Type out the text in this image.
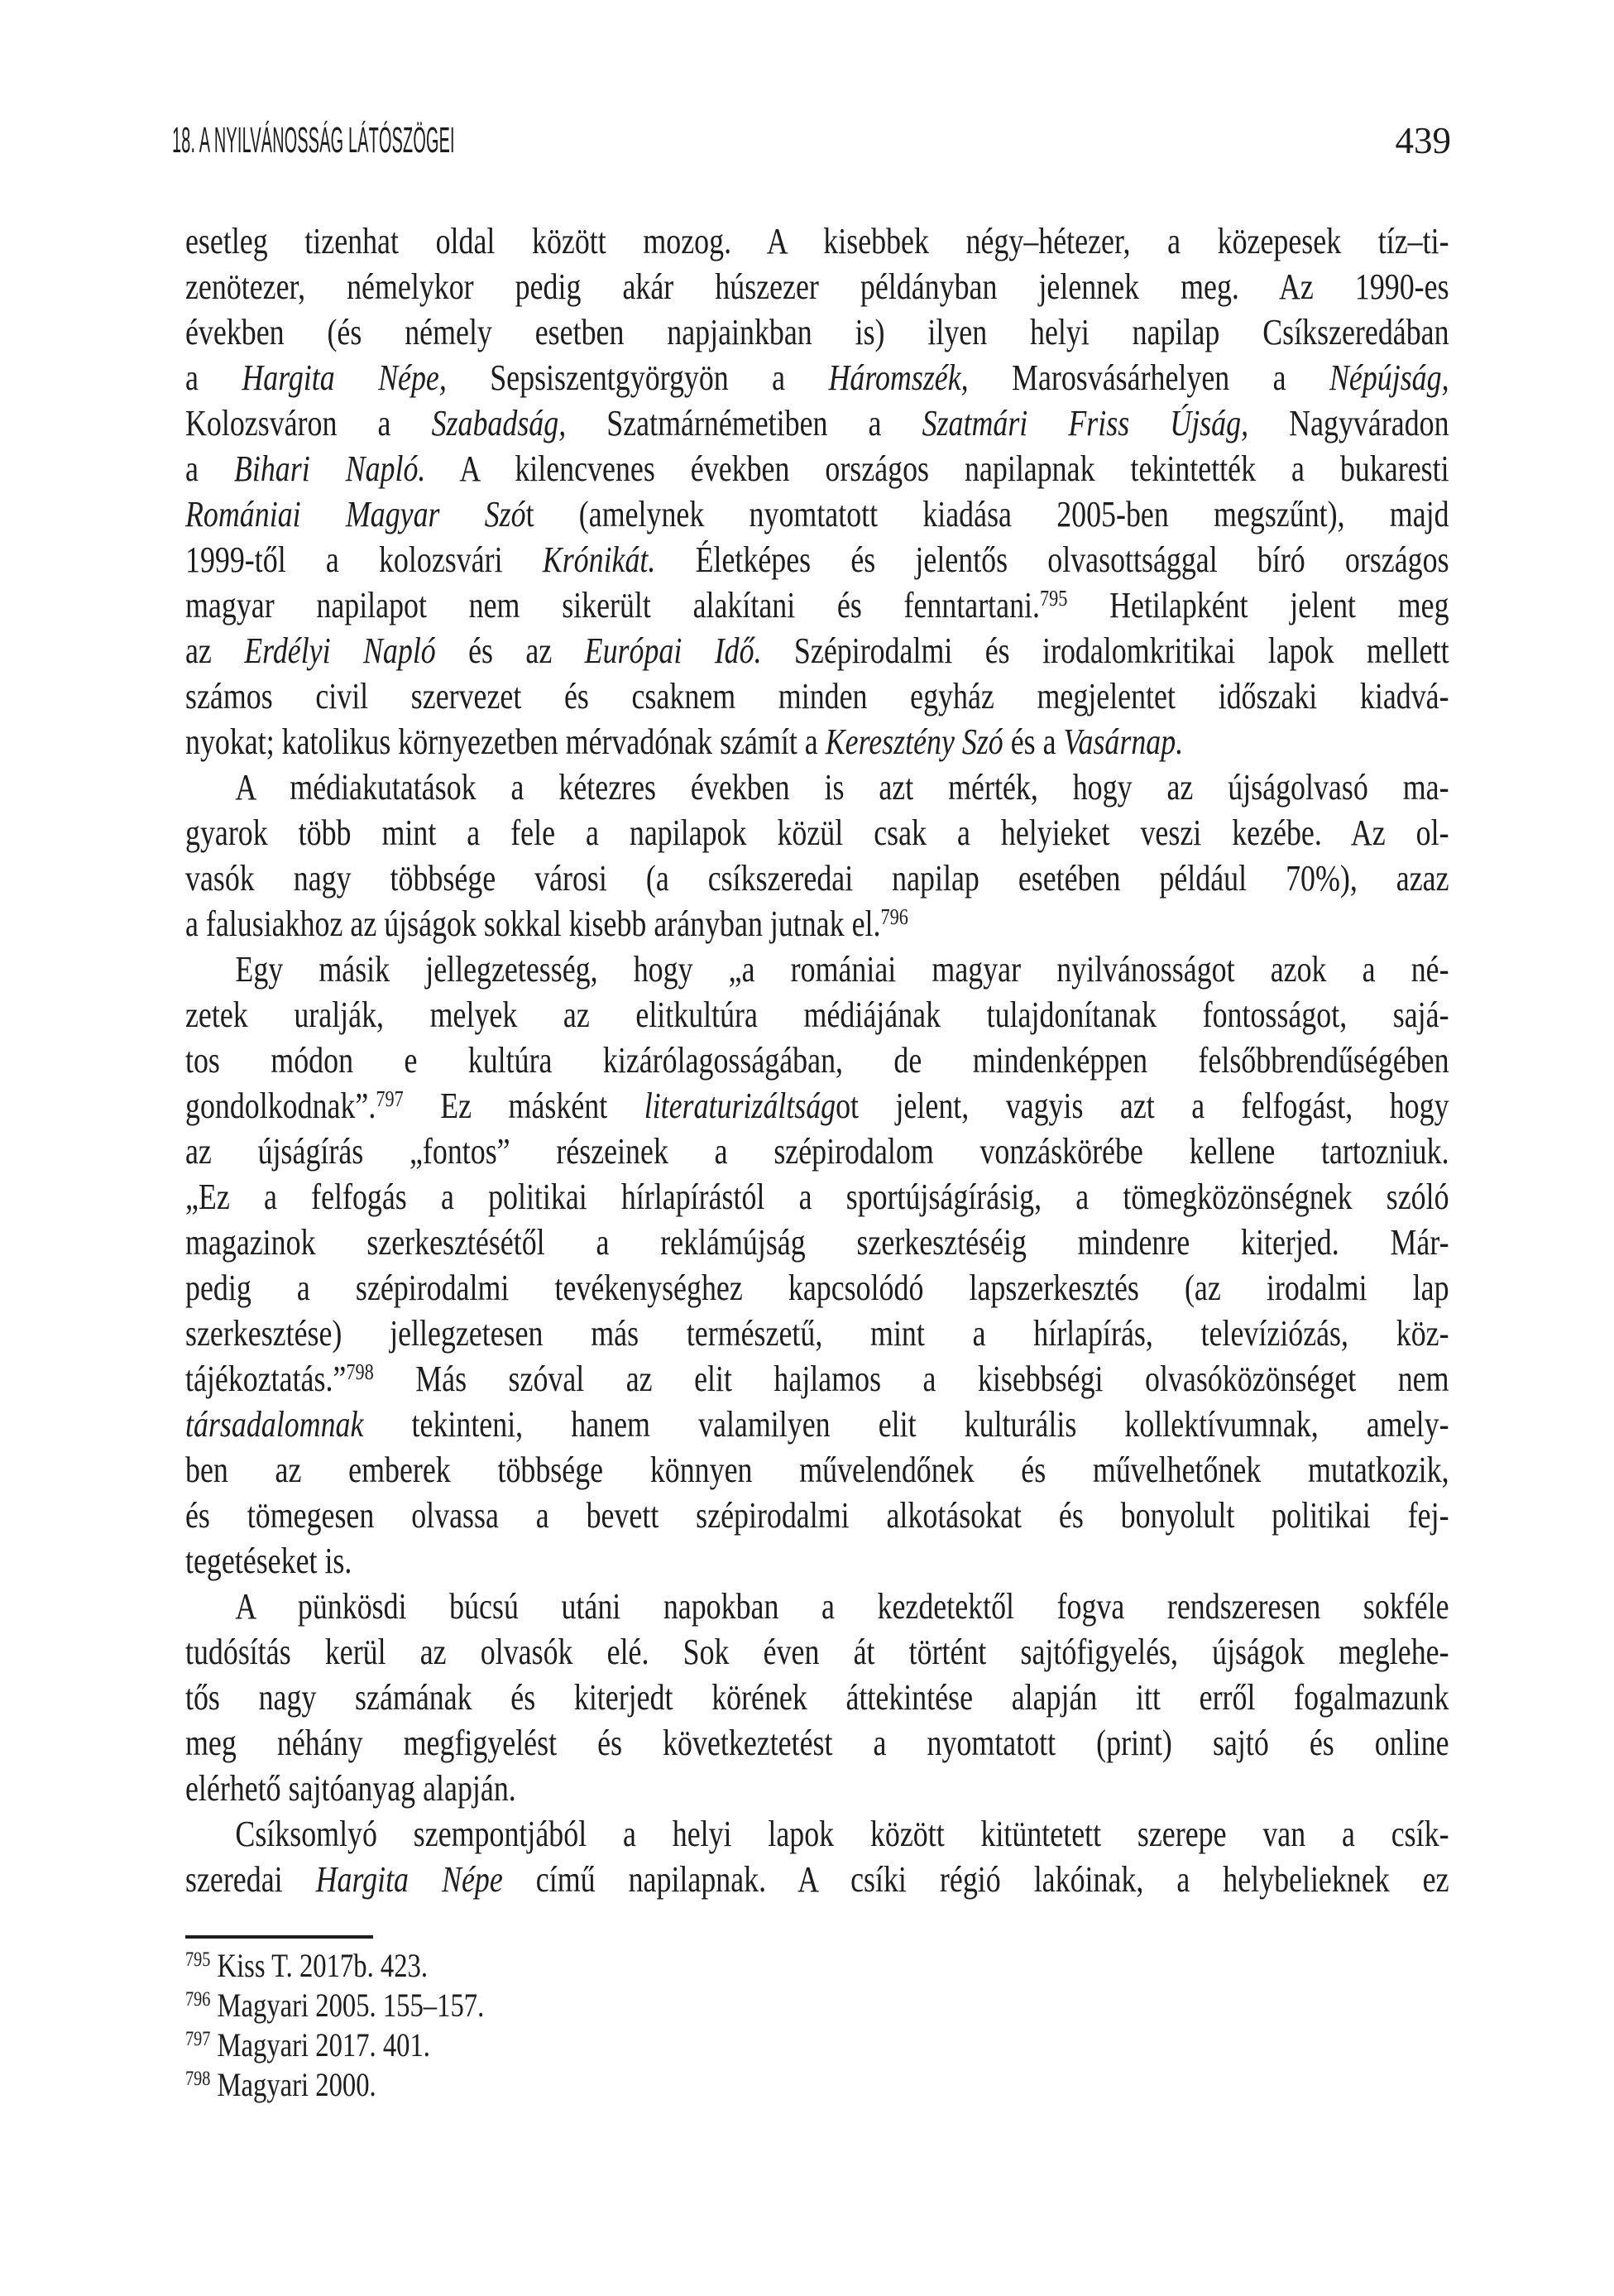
18. A NYILVÁNOSSÁG LÁTÓSZÖGEI	439
esetleg tizenhat oldal között mozog. A kisebbek négy–hétezer, a közepesek tíz–ti-
zenötezer, némelykor pedig akár húszezer példányban jelennek meg. Az 1990-es
években (és némely esetben napjainkban is) ilyen helyi napilap Csíkszeredában
a Hargita Népe, Sepsiszentgyörgyön a Háromszék, Marosvásárhelyen a Népújság,
Kolozsváron a Szabadság, Szatmárnémetiben a Szatmári Friss Újság, Nagyváradon
a Bihari Napló. A kilencvenes években országos napilapnak tekintették a bukaresti
Romániai Magyar Szót (amelynek nyomtatott kiadása 2005-ben megszűnt), majd
1999-től a kolozsvári Krónikát. Életképes és jelentős olvasottsággal bíró országos
magyar napilapot nem sikerült alakítani és fenntartani.$^{795}$ Hetilapként jelent meg
az Erdélyi Napló és az Európai Idő. Szépirodalmi és irodalomkritikai lapok mellett
számos civil szervezet és csaknem minden egyház megjelentet időszaki kiadvá-
nyokat; katolikus környezetben mérvadónak számít a Keresztény Szó és a Vasárnap.
A médiakutatások a kétezres években is azt mérték, hogy az újságolvasó ma-
gyarok több mint a fele a napilapok közül csak a helyieket veszi kezébe. Az ol-
vasók nagy többsége városi (a csíkszeredai napilap esetében például 70%), azaz
a falusiakhoz az újságok sokkal kisebb arányban jutnak el.$^{796}$
Egy másik jellegzetesség, hogy „a romániai magyar nyilvánosságot azok a né-
zetek uralják, melyek az elitkultúra médiájának tulajdonítanak fontosságot, sajá-
tos módon e kultúra kizárólagosságában, de mindenképpen felsőbbrendűségében
gondolkodnak”.$^{797}$ Ez másként literaturizáltságot jelent, vagyis azt a felfogást, hogy
az újságírás „fontos” részeinek a szépirodalom vonzáskörébe kellene tartozniuk.
„Ez a felfogás a politikai hírlapírástól a sportújságírásig, a tömegközönségnek szóló
magazinok szerkesztésétől a reklámújság szerkesztéséig mindenre kiterjed. Már-
pedig a szépirodalmi tevékenységhez kapcsolódó lapszerkesztés (az irodalmi lap
szerkesztése) jellegzetesen más természetű, mint a hírlapírás, televíziózás, köz-
tájékoztatás.”$^{798}$ Más szóval az elit hajlamos a kisebbségi olvasóközönséget nem
társadalomnak tekinteni, hanem valamilyen elit kulturális kollektívumnak, amely-
ben az emberek többsége könnyen művelendőnek és művelhetőnek mutatkozik,
és tömegesen olvassa a bevett szépirodalmi alkotásokat és bonyolult politikai fej-
tegetéseket is.
A pünkösdi búcsú utáni napokban a kezdetektől fogva rendszeresen sokféle
tudósítás kerül az olvasók elé. Sok éven át történt sajtófigyelés, újságok meglehe-
tős nagy számának és kiterjedt körének áttekintése alapján itt erről fogalmazunk
meg néhány megfigyelést és következtetést a nyomtatott (print) sajtó és online
elérhető sajtóanyag alapján.
Csíksomlyó szempontjából a helyi lapok között kitüntetett szerepe van a csík-
szeredai Hargita Népe című napilapnak. A csíki régió lakóinak, a helybelieknek ez
$^{795}$ Kiss T. 2017b. 423.
$^{796}$ Magyari 2005. 155–157.
$^{797}$ Magyari 2017. 401.
$^{798}$ Magyari 2000.
